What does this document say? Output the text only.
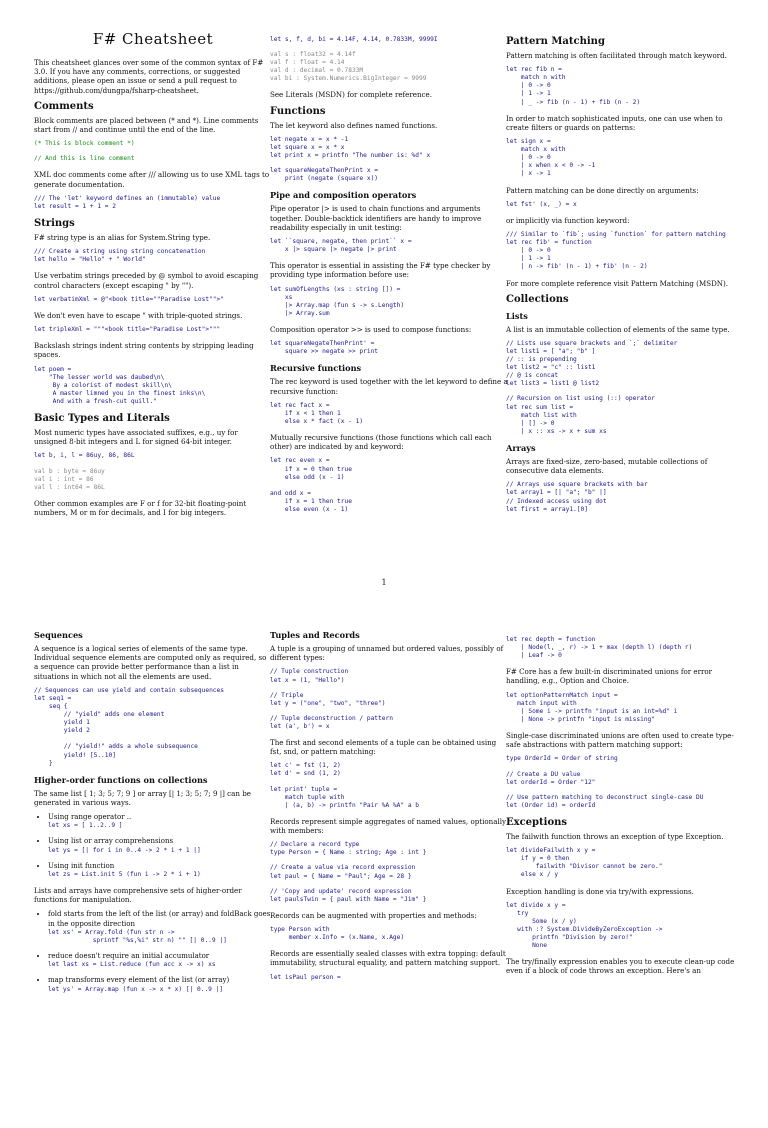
F# Cheatsheet

This cheatsheet glances over some of the common syntax of F# 3.0. If you have any comments, corrections, or suggested additions, please open an issue or send a pull request to https://github.com/dungpa/fsharp-cheatsheet.

Comments

Block comments are placed between (* and *). Line comments start from // and continue until the end of the line.

(* This is block comment *)
// And this is line comment

XML doc comments come after /// allowing us to use XML tags to generate documentation.

/// The 'let' keyword defines an (immutable) value
let result = 1 + 1 = 2
Strings

F# string type is an alias for System.String type.

/// Create a string using string concatenation
let hello = "Hello" + " World"

Use verbatim strings preceded by @ symbol to avoid escaping control characters (except escaping " by "").

let verbatimXml = @"<book title=""Paradise Lost"">"

We don't even have to escape " with triple-quoted strings.

let tripleXml = """<book title="Paradise Lost">"""

Backslash strings indent string contents by stripping leading spaces.

let poem =
"The lesser world was daubed\n\
By a colorist of modest skill\n\
A master limned you in the finest inks\n\
And with a fresh-cut quill."
Basic Types and Literals

Most numeric types have associated suffixes, e.g., uy for unsigned 8-bit integers and L for signed 64-bit integer.

let b, i, l = 86uy, 86, 86L
val b : byte = 86uy
val i : int = 86
val l : int64 = 86L

Other common examples are F or f for 32-bit floating-point numbers, M or m for decimals, and I for big integers.

let s, f, d, bi = 4.14F, 4.14, 0.7833M, 9999I
val s : float32 = 4.14f
val f : float = 4.14
val d : decimal = 0.7833M
val bi : System.Numerics.BigInteger = 9999

See Literals (MSDN) for complete reference.

Functions

The let keyword also defines named functions.

let negate x = x * -1
let square x = x * x
let print x = printfn "The number is: %d" x
let squareNegateThenPrint x =
print (negate (square x))
Pipe and composition operators

Pipe operator |> is used to chain functions and arguments together. Double-backtick identifiers are handy to improve readability especially in unit testing:

let ``square, negate, then print`` x =
x |> square |> negate |> print

This operator is essential in assisting the F# type checker by providing type information before use:

let sumOfLengths (xs : string []) =
xs
|> Array.map (fun s -> s.Length)
|> Array.sum

Composition operator >> is used to compose functions:

let squareNegateThenPrint' =
square >> negate >> print
Recursive functions

The rec keyword is used together with the let keyword to define a recursive function:

let rec fact x =
if x < 1 then 1
else x * fact (x - 1)

Mutually recursive functions (those functions which call each other) are indicated by and keyword:

let rec even x =
if x = 0 then true
else odd (x - 1)

and odd x =
if x = 1 then true
else even (x - 1)
Pattern Matching

Pattern matching is often facilitated through match keyword.

let rec fib n =
match n with
| 0 -> 0
| 1 -> 1
| _ -> fib (n - 1) + fib (n - 2)

In order to match sophisticated inputs, one can use when to create filters or guards on patterns:

let sign x =
match x with
| 0 -> 0
| x when x < 0 -> -1
| x -> 1

Pattern matching can be done directly on arguments:

let fst' (x, _) = x

or implicitly via function keyword:

/// Similar to `fib`; using `function` for pattern matching
let rec fib' = function
| 0 -> 0
| 1 -> 1
| n -> fib' (n - 1) + fib' (n - 2)

For more complete reference visit Pattern Matching (MSDN).

Collections
Lists

A list is an immutable collection of elements of the same type.

// Lists use square brackets and `;` delimiter
let list1 = [ "a"; "b" ]
// :: is prepending
let list2 = "c" :: list1
// @ is concat
let list3 = list1 @ list2
// Recursion on list using (::) operator
let rec sum list =
match list with
| [] -> 0
| x :: xs -> x + sum xs
Arrays

Arrays are fixed-size, zero-based, mutable collections of consecutive data elements.

// Arrays use square brackets with bar
let array1 = [| "a"; "b" |]
// Indexed access using dot
let first = array1.[0]
1
Sequences

A sequence is a logical series of elements of the same type. Individual sequence elements are computed only as required, so a sequence can provide better performance than a list in situations in which not all the elements are used.

// Sequences can use yield and contain subsequences
let seq1 =
seq {
// "yield" adds one element
yield 1
yield 2

// "yield!" adds a whole subsequence
yield! [5..10]
}
Higher-order functions on collections

The same list [ 1; 3; 5; 7; 9 ] or array [| 1; 3; 5; 7; 9 |] can be generated in various ways.

• Using range operator ..
let xs = [ 1..2..9 ]
• Using list or array comprehensions
let ys = [| for i in 0..4 -> 2 * i + 1 |]
• Using init function
let zs = List.init 5 (fun i -> 2 * i + 1)

Lists and arrays have comprehensive sets of higher-order functions for manipulation.

• fold starts from the left of the list (or array) and foldBack goes in the opposite direction
let xs' = Array.fold (fun str n ->
sprintf "%s,%i" str n) "" [| 0..9 |]
• reduce doesn't require an initial accumulator
let last xs = List.reduce (fun acc x -> x) xs
• map transforms every element of the list (or array)
let ys' = Array.map (fun x -> x * x) [| 0..9 |]
Tuples and Records

A tuple is a grouping of unnamed but ordered values, possibly of different types:

// Tuple construction
let x = (1, "Hello")
// Triple
let y = ("one", "two", "three")
// Tuple deconstruction / pattern
let (a', b') = x

The first and second elements of a tuple can be obtained using fst, snd, or pattern matching:

let c' = fst (1, 2)
let d' = snd (1, 2)
let print' tuple =
match tuple with
| (a, b) -> printfn "Pair %A %A" a b

Records represent simple aggregates of named values, optionally with members:

// Declare a record type
type Person = { Name : string; Age : int }
// Create a value via record expression
let paul = { Name = "Paul"; Age = 28 }
// 'Copy and update' record expression
let paulsTwin = { paul with Name = "Jim" }

Records can be augmented with properties and methods:

type Person with
member x.Info = (x.Name, x.Age)

Records are essentially sealed classes with extra topping: default immutability, structural equality, and pattern matching support.

let isPaul person =
let rec depth = function
| Node(l, _, r) -> 1 + max (depth l) (depth r)
| Leaf -> 0

F# Core has a few built-in discriminated unions for error handling, e.g., Option and Choice.

let optionPatternMatch input =
match input with
| Some i -> printfn "input is an int=%d" i
| None -> printfn "input is missing"

Single-case discriminated unions are often used to create type-safe abstractions with pattern matching support:

type OrderId = Order of string
// Create a DU value
let orderId = Order "12"
// Use pattern matching to deconstruct single-case DU
let (Order id) = orderId
Exceptions

The failwith function throws an exception of type Exception.

let divideFailwith x y =
if y = 0 then
failwith "Divisor cannot be zero."
else x / y

Exception handling is done via try/with expressions.

let divide x y =
try
Some (x / y)
with :? System.DivideByZeroException ->
printfn "Division by zero!"
None

The try/finally expression enables you to execute clean-up code even if a block of code throws an exception. Here's an
